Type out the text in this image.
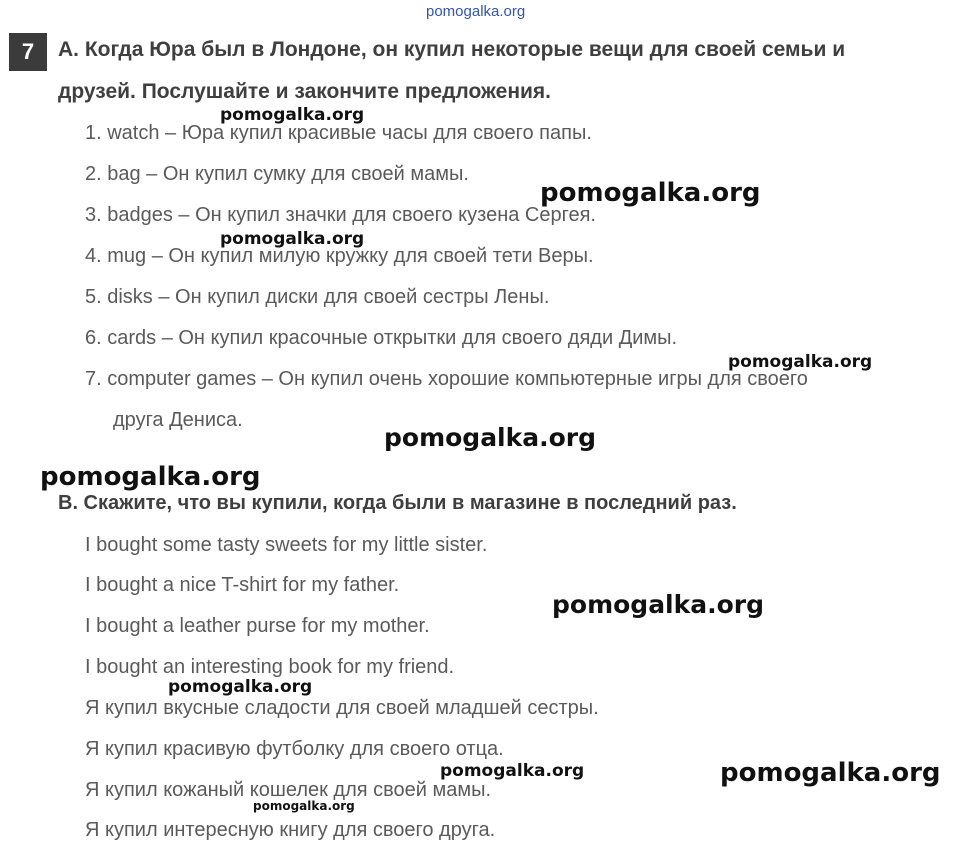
pomogalka.org
7	A. Когда Юра был в Лондоне, он купил некоторые вещи для своей семьи и
друзей. Послушайте и закончите предложения.
1. watch – Юра купил красивые часы для своего папы.
2. bag – Он купил сумку для своей мамы.
3. badges – Он купил значки для своего кузена Сергея.
4. mug – Он купил милую кружку для своей тети Веры.
5. disks – Он купил диски для своей сестры Лены.
6. cards – Он купил красочные открытки для своего дяди Димы.
7. computer games – Он купил очень хорошие компьютерные игры для своего
друга Дениса.
B. Скажите, что вы купили, когда были в магазине в последний раз.
I bought some tasty sweets for my little sister.
I bought a nice T-shirt for my father.
I bought a leather purse for my mother.
I bought an interesting book for my friend.
Я купил вкусные сладости для своей младшей сестры.
Я купил красивую футболку для своего отца.
Я купил кожаный кошелек для своей мамы.
Я купил интересную книгу для своего друга.
pomogalka.org
pomogalka.org
pomogalka.org
pomogalka.org
pomogalka.org
pomogalka.org
pomogalka.org
pomogalka.org
pomogalka.org	pomogalka.org
pomogalka.org
